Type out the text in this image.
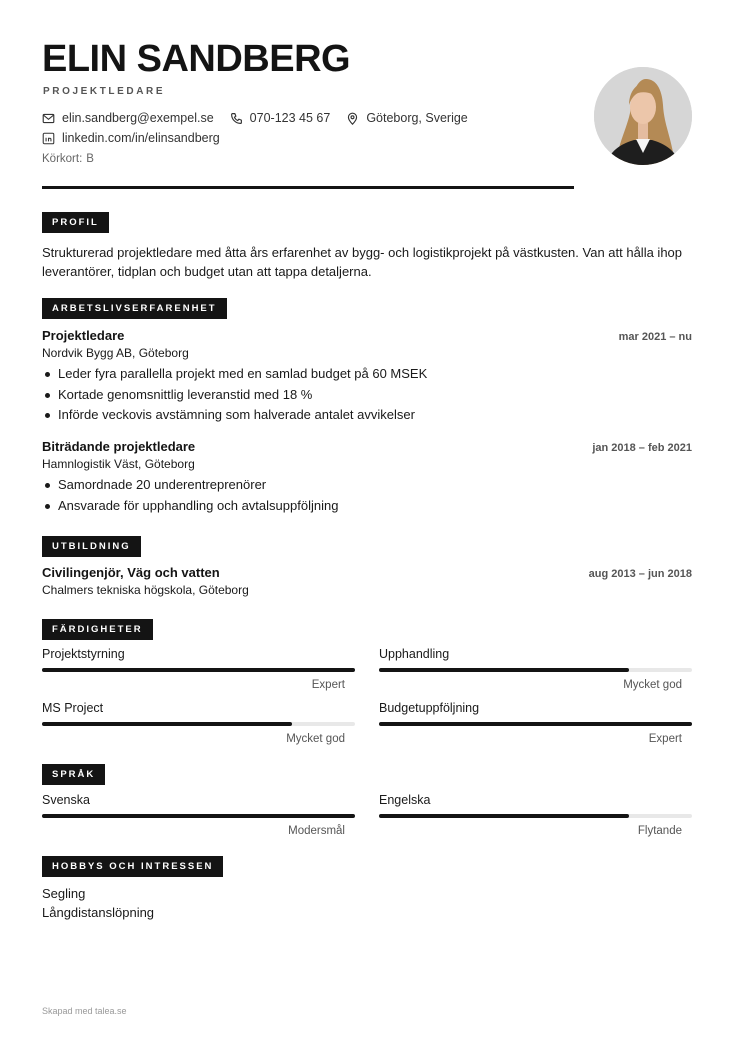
ELIN SANDBERG
PROJEKTLEDARE
elin.sandberg@exempel.se	070-123 45 67	Göteborg, Sverige
linkedin.com/in/elinsandberg
Körkort: B
PROFIL

Strukturerad projektledare med åtta års erfarenhet av bygg- och logistikprojekt på västkusten. Van att hålla ihop leverantörer, tidplan och budget utan att tappa detaljerna.

ARBETSLIVSERFARENHET
Projektledare	mar 2021 – nu
Nordvik Bygg AB, Göteborg
Leder fyra parallella projekt med en samlad budget på 60 MSEK
Kortade genomsnittlig leveranstid med 18 %
Införde veckovis avstämning som halverade antalet avvikelser
Biträdande projektledare	jan 2018 – feb 2021
Hamnlogistik Väst, Göteborg
Samordnade 20 underentreprenörer
Ansvarade för upphandling och avtalsuppföljning
UTBILDNING
Civilingenjör, Väg och vatten	aug 2013 – jun 2018
Chalmers tekniska högskola, Göteborg
FÄRDIGHETER
Projektstyrning
Expert
Upphandling
Mycket god
MS Project
Mycket god
Budgetuppföljning
Expert
SPRÅK
Svenska
Modersmål
Engelska
Flytande
HOBBYS OCH INTRESSEN
Segling
Långdistanslöpning
Skapad med talea.se
